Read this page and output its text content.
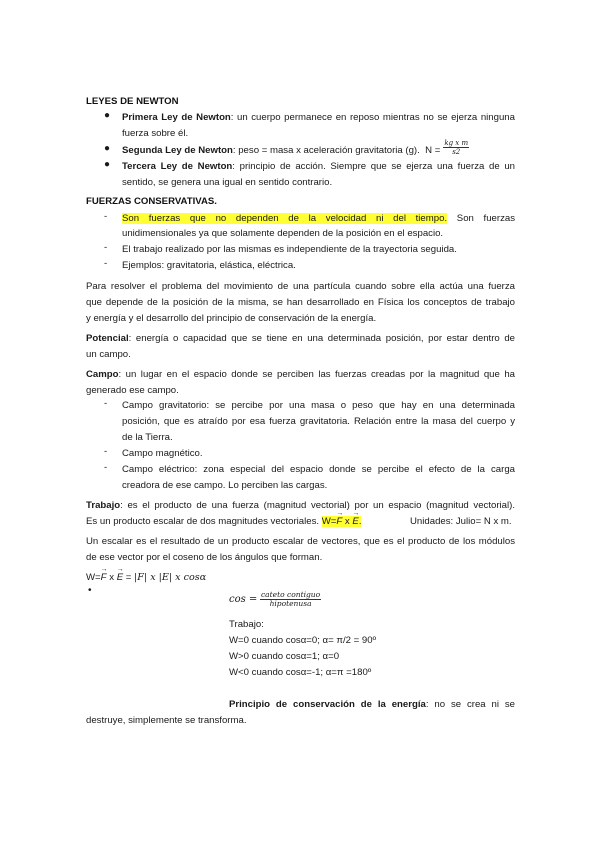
LEYES DE NEWTON
● Primera Ley de Newton: un cuerpo permanece en reposo mientras no se ejerza ninguna
fuerza sobre él.
● Segunda Ley de Newton: peso = masa x aceleración gravitatoria (g). $N = \frac{\text{kg x m}}{s2}$
● Tercera Ley de Newton: principio de acción. Siempre que se ejerza una fuerza de un
sentido, se genera una igual en sentido contrario.
FUERZAS CONSERVATIVAS.
- Son fuerzas que no dependen de la velocidad ni del tiempo. Son fuerzas
unidimensionales ya que solamente dependen de la posición en el espacio.
- El trabajo realizado por las mismas es independiente de la trayectoria seguida.
- Ejemplos: gravitatoria, elástica, eléctrica.
Para resolver el problema del movimiento de una partícula cuando sobre ella actúa una fuerza
que depende de la posición de la misma, se han desarrollado en Física los conceptos de trabajo
y energía y el desarrollo del principio de conservación de la energía.
Potencial: energía o capacidad que se tiene en una determinada posición, por estar dentro de
un campo.
Campo: un lugar en el espacio donde se perciben las fuerzas creadas por la magnitud que ha
generado ese campo.
- Campo gravitatorio: se percibe por una masa o peso que hay en una determinada
posición, que es atraído por esa fuerza gravitatoria. Relación entre la masa del cuerpo y
de la Tierra.
- Campo magnético.
- Campo eléctrico: zona especial del espacio donde se percibe el efecto de la carga
creadora de ese campo. Lo perciben las cargas.
Trabajo: es el producto de una fuerza (magnitud vectorial) por un espacio (magnitud vectorial).
Es un producto escalar de dos magnitudes vectoriales. W=→ F x → E.	Unidades: Julio= N x m.
Un escalar es el resultado de un producto escalar de vectores, que es el producto de los módulos
de ese vector por el coseno de los ángulos que forman.
W=→ F x → E = |F| x |E| x cosα
•
$\cos = \frac{\text{cateto contiguo}}{\text{hipotenusa}}$
Trabajo:
W=0 cuando cosα=0; α= π/2 = 90º
W>0 cuando cosα=1; α=0
W<0 cuando cosα=-1; α=π =180º
Principio de conservación de la energía: no se crea ni se
destruye, simplemente se transforma.
